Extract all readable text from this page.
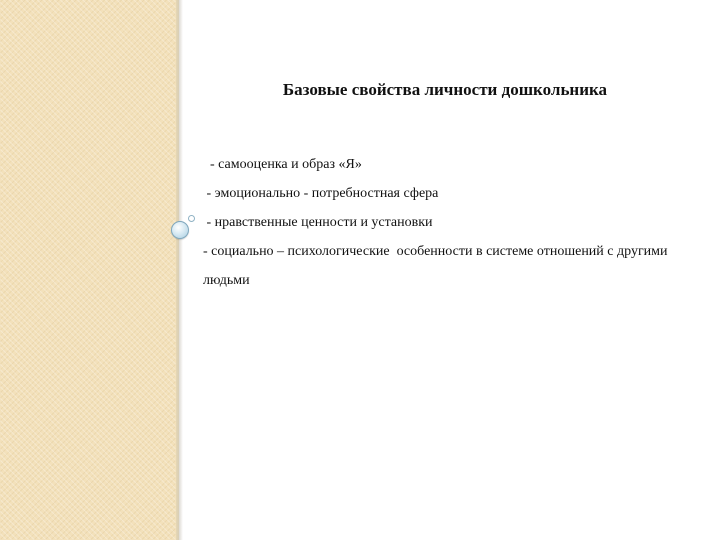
Базовые свойства личности дошкольника
- самооценка и образ «Я»
- эмоционально - потребностная сфера
- нравственные ценности и установки
- социально – психологические  особенности в системе отношений с другими людьми
